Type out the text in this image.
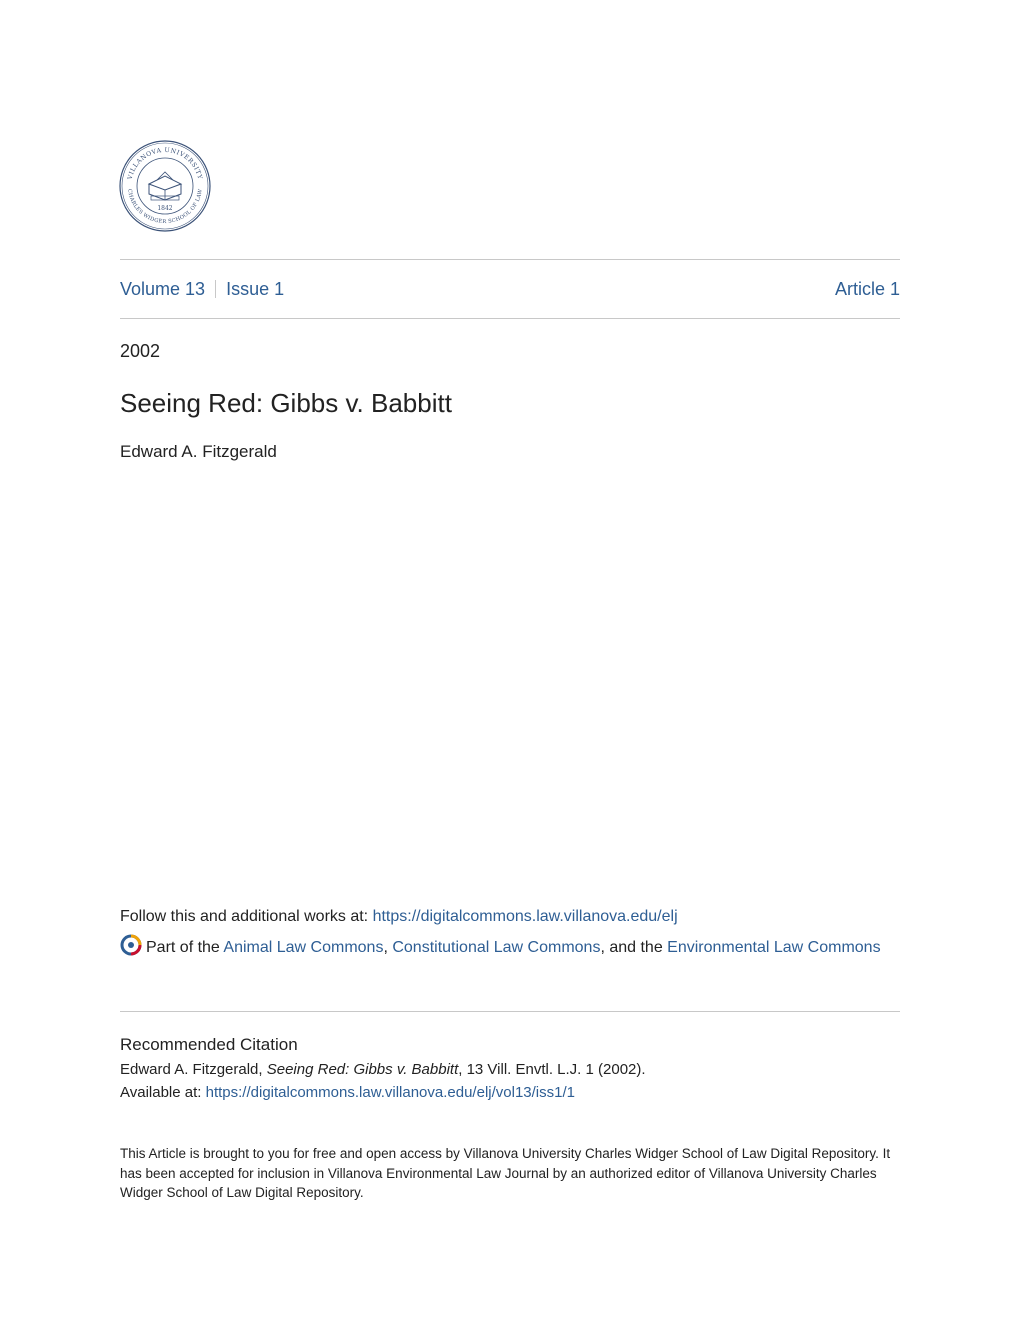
VILLANOVA UNIVERSITY
CHARLES WIDGER SCHOOL OF LAW
1842
Volume 13 Issue 1	Article 1
2002
Seeing Red: Gibbs v. Babbitt
Edward A. Fitzgerald
Follow this and additional works at: https://digitalcommons.law.villanova.edu/elj
Part of the Animal Law Commons, Constitutional Law Commons, and the Environmental Law Commons
Recommended Citation
Edward A. Fitzgerald, Seeing Red: Gibbs v. Babbitt, 13 Vill. Envtl. L.J. 1 (2002).
Available at: https://digitalcommons.law.villanova.edu/elj/vol13/iss1/1
This Article is brought to you for free and open access by Villanova University Charles Widger School of Law Digital Repository. It has been accepted for inclusion in Villanova Environmental Law Journal by an authorized editor of Villanova University Charles Widger School of Law Digital Repository.
